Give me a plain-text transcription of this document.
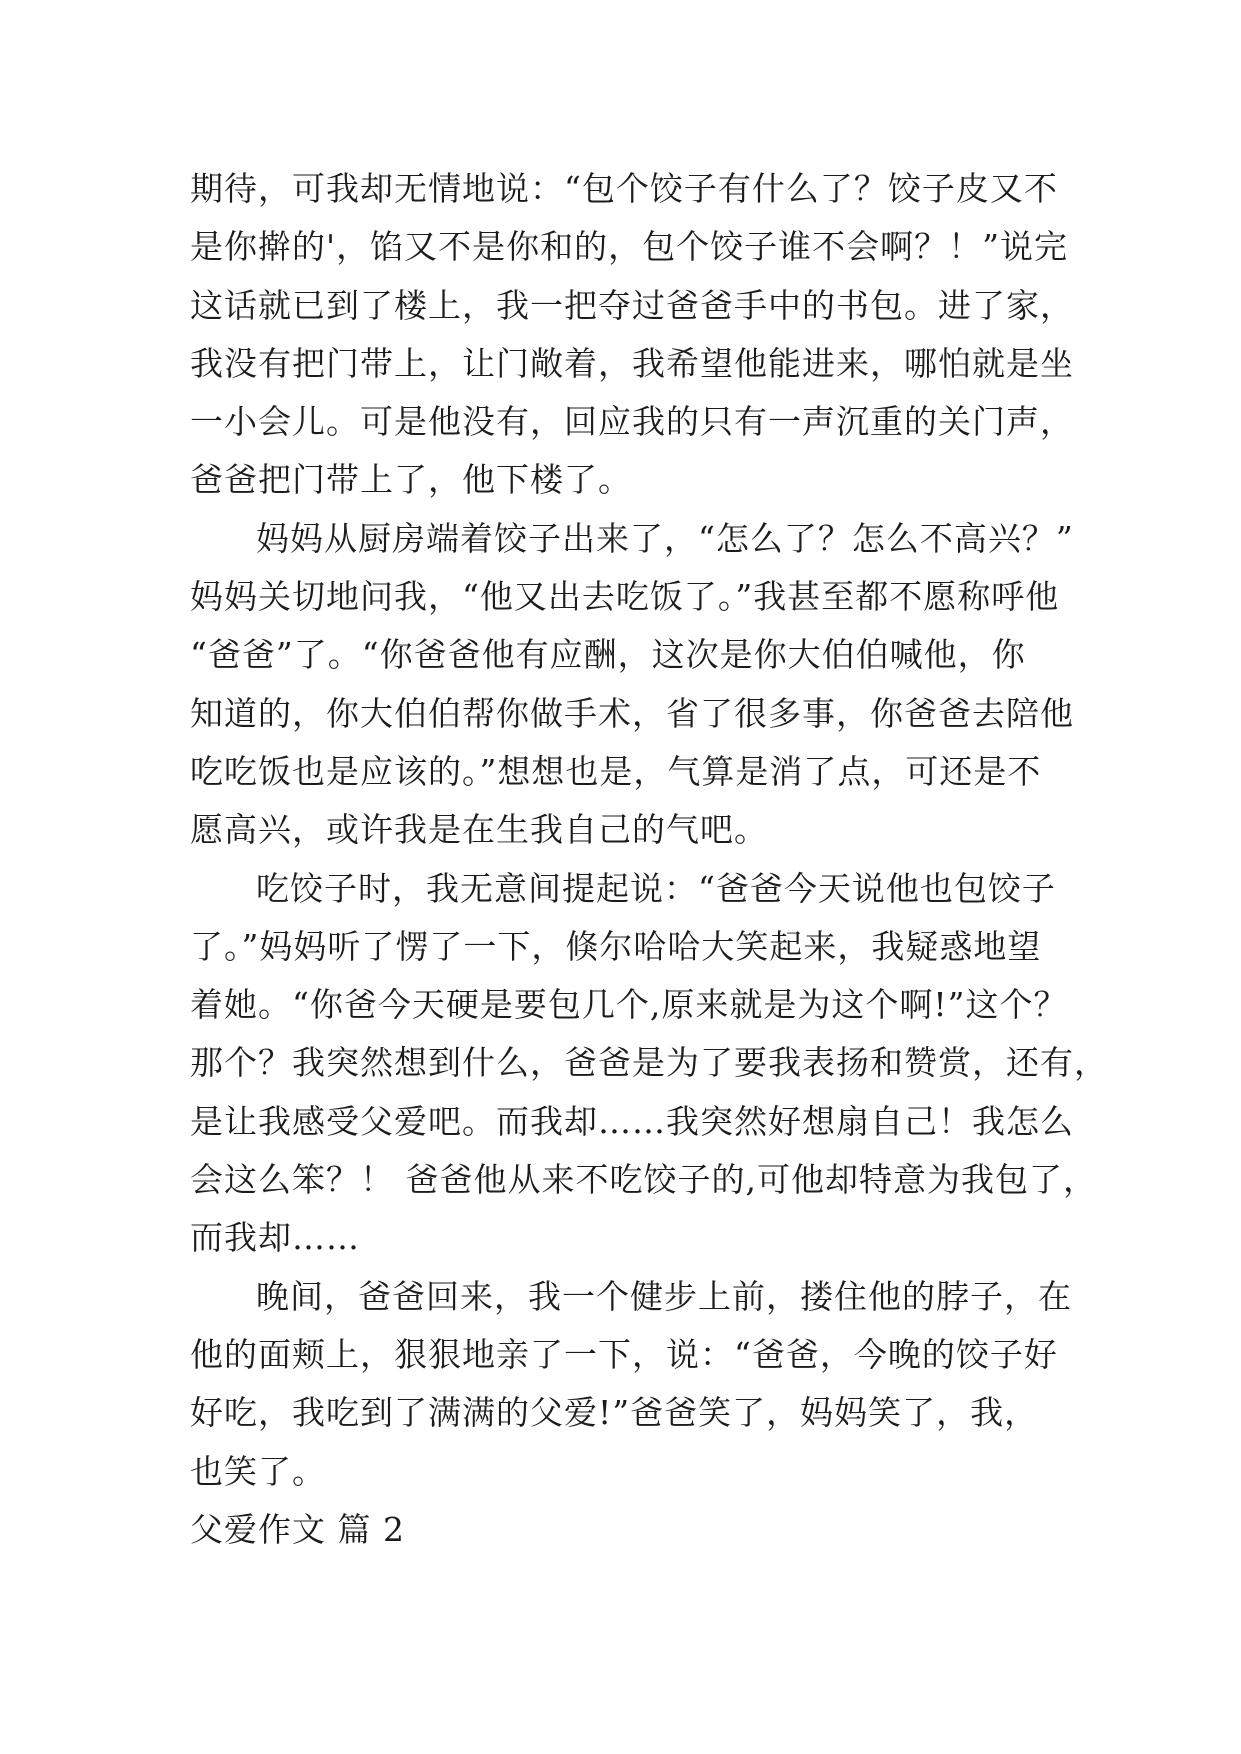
期待，可我却无情地说：“包个饺子有什么了？饺子皮又不
是你擀的'，馅又不是你和的，包个饺子谁不会啊？！”说完
这话就已到了楼上，我一把夺过爸爸手中的书包。进了家，
我没有把门带上，让门敞着，我希望他能进来，哪怕就是坐
一小会儿。可是他没有，回应我的只有一声沉重的关门声，
爸爸把门带上了，他下楼了。
妈妈从厨房端着饺子出来了，“怎么了？怎么不高兴？”
妈妈关切地问我，“他又出去吃饭了。”我甚至都不愿称呼他
“爸爸”了。“你爸爸他有应酬，这次是你大伯伯喊他，你
知道的，你大伯伯帮你做手术，省了很多事，你爸爸去陪他
吃吃饭也是应该的。”想想也是，气算是消了点，可还是不
愿高兴，或许我是在生我自己的气吧。
吃饺子时，我无意间提起说：“爸爸今天说他也包饺子
了。”妈妈听了愣了一下，倏尔哈哈大笑起来，我疑惑地望
着她。“你爸今天硬是要包几个,原来就是为这个啊!”这个？
那个？我突然想到什么，爸爸是为了要我表扬和赞赏，还有，
是让我感受父爱吧。而我却……我突然好想扇自己！我怎么
会这么笨？！ 爸爸他从来不吃饺子的,可他却特意为我包了，
而我却……
晚间，爸爸回来，我一个健步上前，搂住他的脖子，在
他的面颊上，狠狠地亲了一下，说：“爸爸，今晚的饺子好
好吃，我吃到了满满的父爱!”爸爸笑了，妈妈笑了，我，
也笑了。
父爱作文 篇 2
